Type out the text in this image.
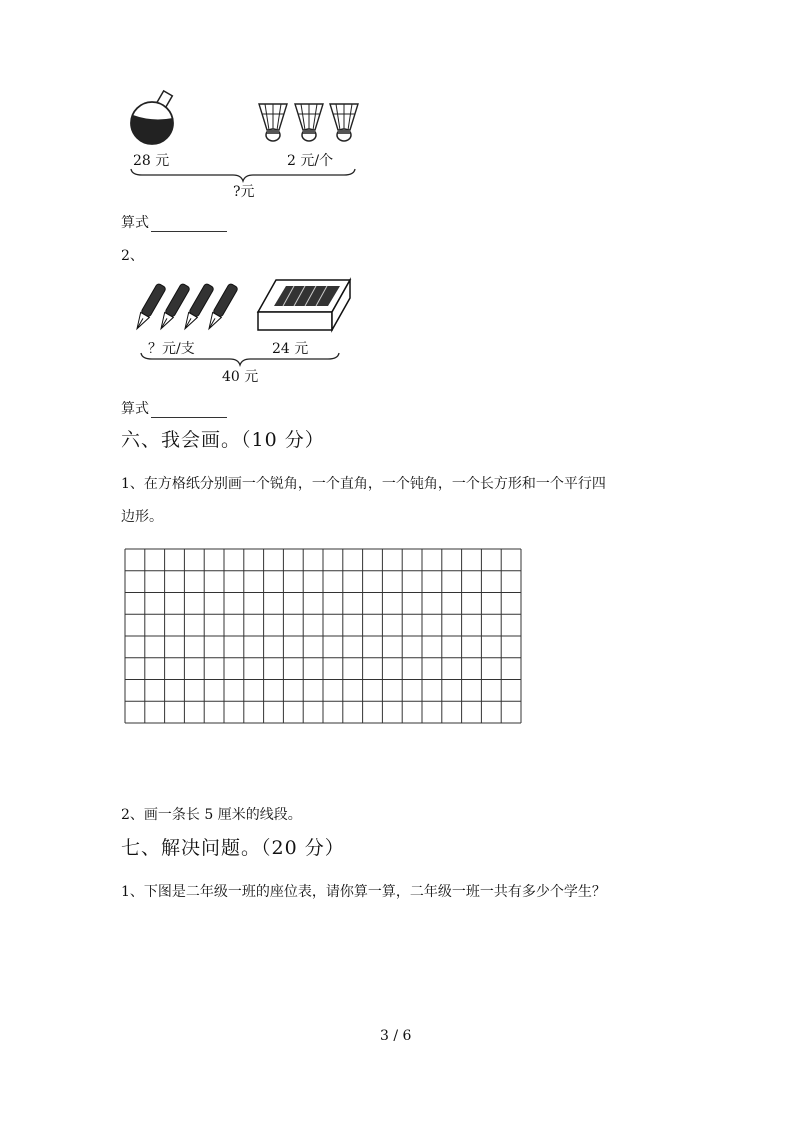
28 元	2 元/个
?元
算式
2、
？元/支	24 元
40 元
算式
六、我会画。（10 分）
1、在方格纸分别画一个锐角，一个直角，一个钝角，一个长方形和一个平行四
边形。
2、画一条长 5 厘米的线段。
七、解决问题。（20 分）
1、下图是二年级一班的座位表，请你算一算，二年级一班一共有多少个学生？
3 / 6
